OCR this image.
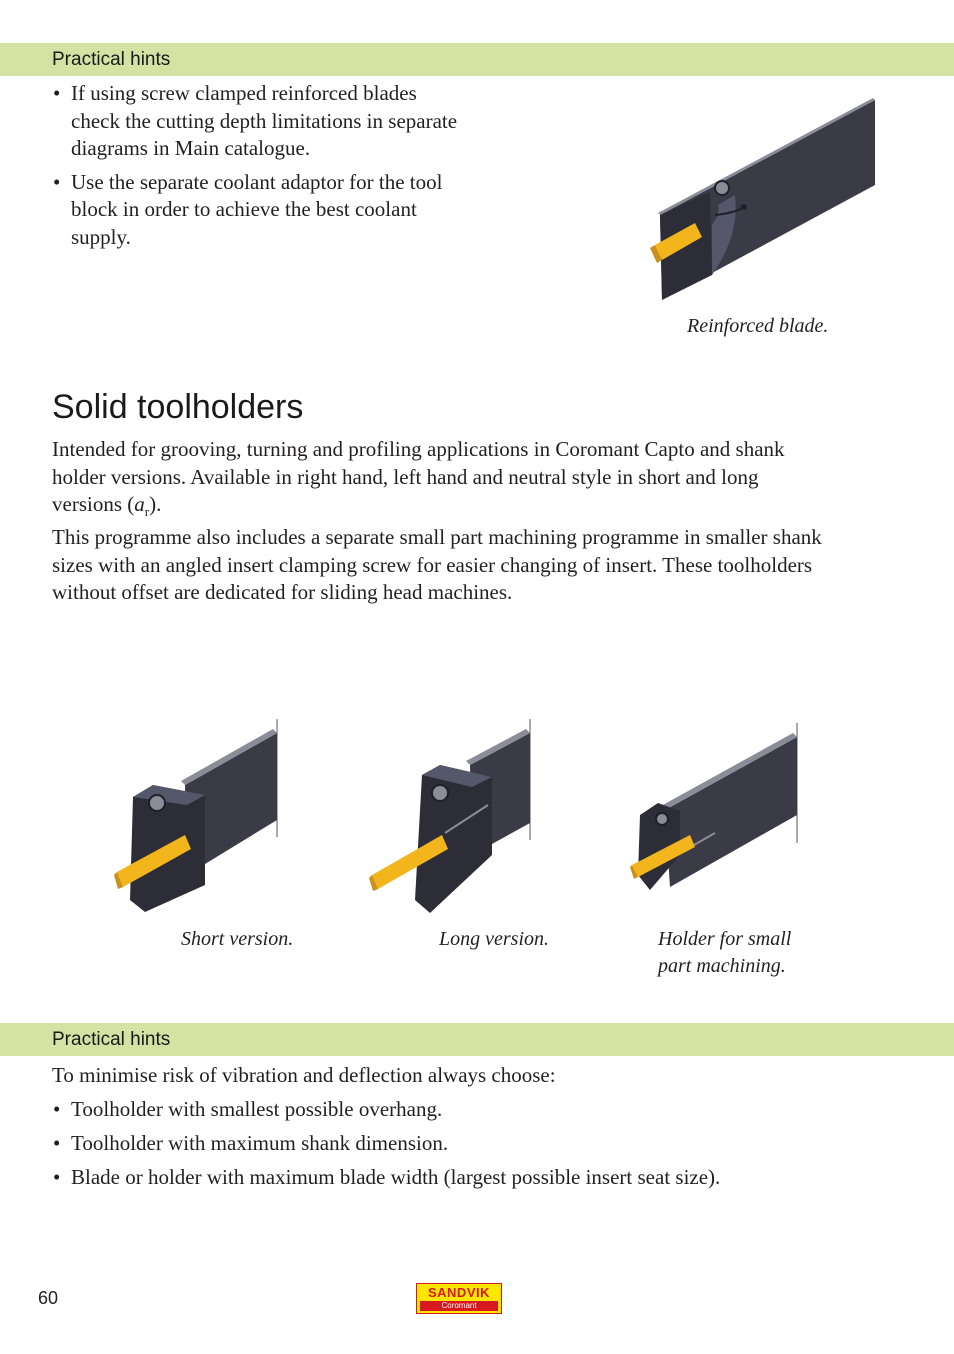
Practical hints
• If using screw clamped reinforced blades
check the cutting depth limitations in separate
diagrams in Main catalogue.
• Use the separate coolant adaptor for the tool
block in order to achieve the best coolant
supply.
Reinforced blade.
Solid toolholders
Intended for grooving, turning and profiling applications in Coromant Capto and shank
holder versions. Available in right hand, left hand and neutral style in short and long
versions $(a_r)$.
This programme also includes a separate small part machining programme in smaller shank
sizes with an angled insert clamping screw for easier changing of insert. These toolholders
without offset are dedicated for sliding head machines.
Short version.	Long version.	Holder for small
part machining.
Practical hints
To minimise risk of vibration and deflection always choose:
• Toolholder with smallest possible overhang.
• Toolholder with maximum shank dimension.
• Blade or holder with maximum blade width (largest possible insert seat size).
60	SANDVIK
Coromant
